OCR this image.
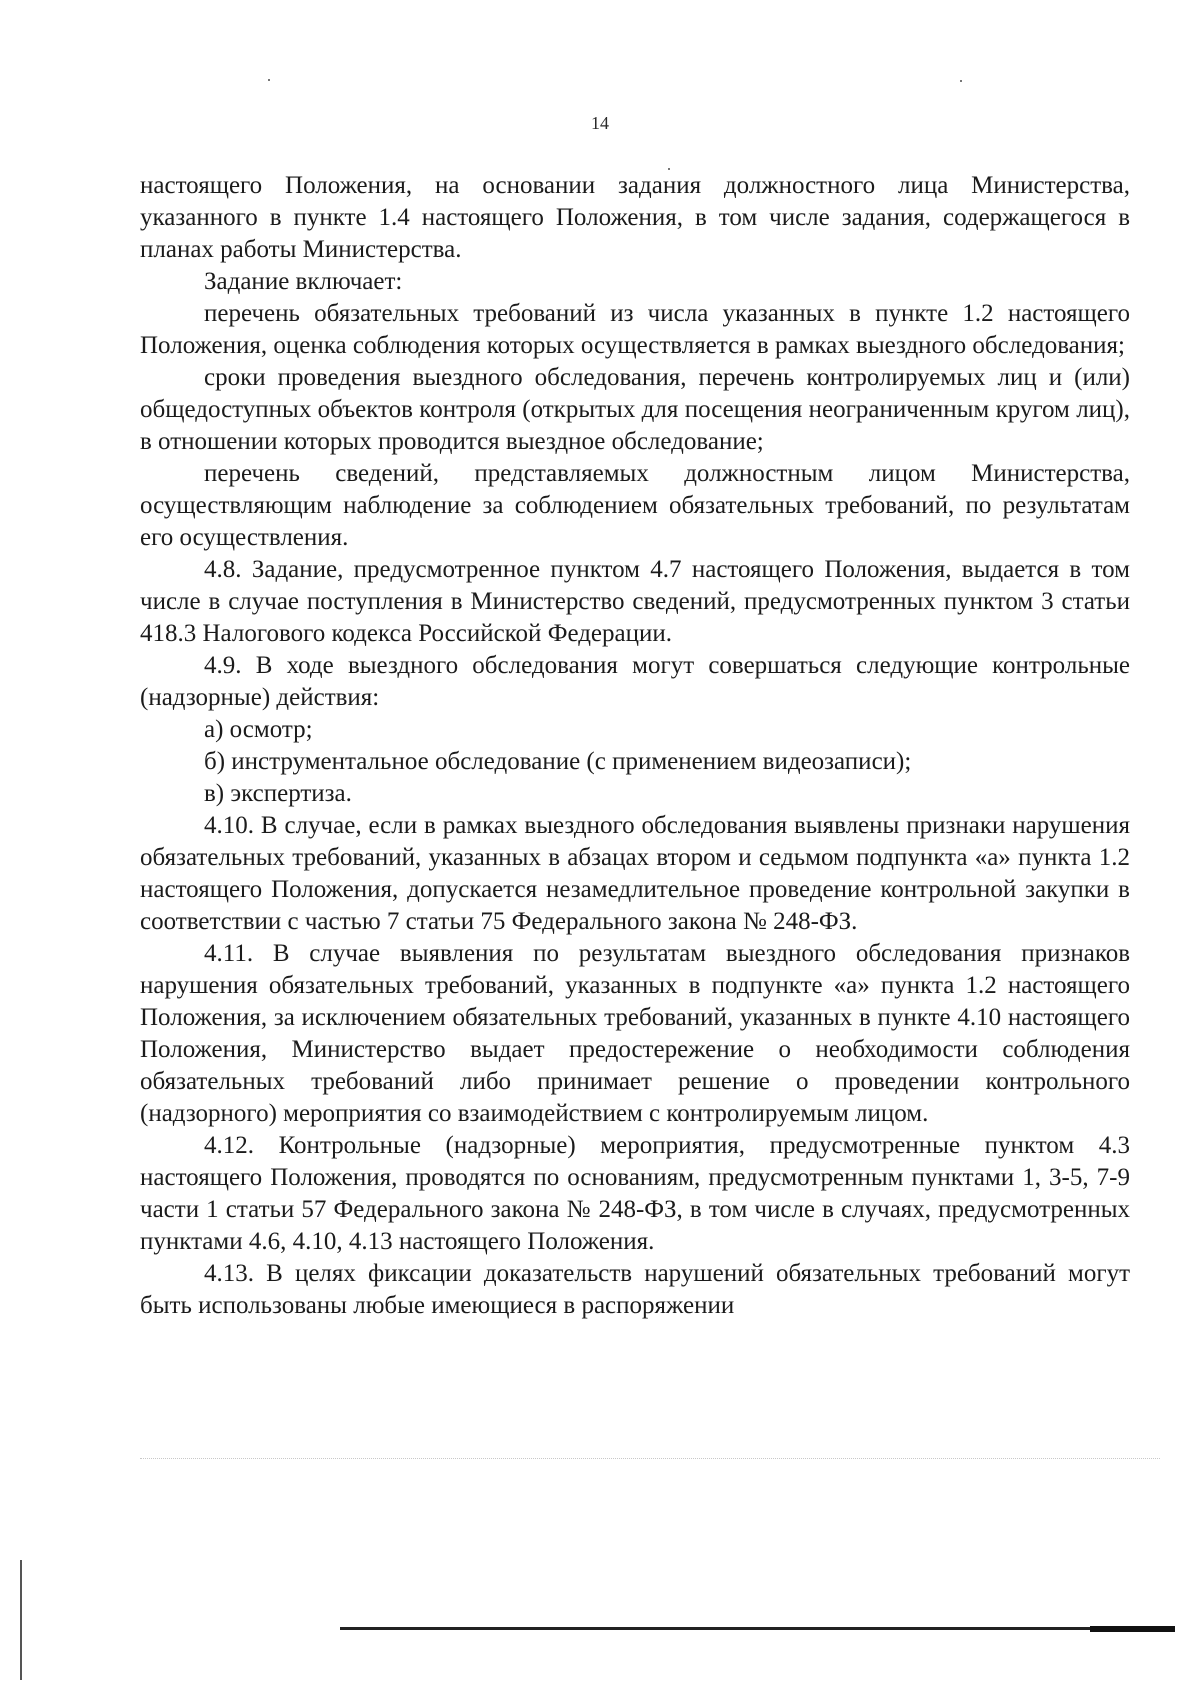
14

настоящего Положения, на основании задания должностного лица Министерства, указанного в пункте 1.4 настоящего Положения, в том числе задания, содержащегося в планах работы Министерства.

Задание включает:

перечень обязательных требований из числа указанных в пункте 1.2 настоящего Положения, оценка соблюдения которых осуществляется в рамках выездного обследования;

сроки проведения выездного обследования, перечень контролируемых лиц и (или) общедоступных объектов контроля (открытых для посещения неограниченным кругом лиц), в отношении которых проводится выездное обследование;

перечень сведений, представляемых должностным лицом Министерства, осуществляющим наблюдение за соблюдением обязательных требований, по результатам его осуществления.

4.8. Задание, предусмотренное пунктом 4.7 настоящего Положения, выдается в том числе в случае поступления в Министерство сведений, предусмотренных пунктом 3 статьи 418.3 Налогового кодекса Российской Федерации.

4.9. В ходе выездного обследования могут совершаться следующие контрольные (надзорные) действия:

а) осмотр;

б) инструментальное обследование (с применением видеозаписи);

в) экспертиза.

4.10. В случае, если в рамках выездного обследования выявлены признаки нарушения обязательных требований, указанных в абзацах втором и седьмом подпункта «а» пункта 1.2 настоящего Положения, допускается незамедлительное проведение контрольной закупки в соответствии с частью 7 статьи 75 Федерального закона № 248-ФЗ.

4.11. В случае выявления по результатам выездного обследования признаков нарушения обязательных требований, указанных в подпункте «а» пункта 1.2 настоящего Положения, за исключением обязательных требований, указанных в пункте 4.10 настоящего Положения, Министерство выдает предостережение о необходимости соблюдения обязательных требований либо принимает решение о проведении контрольного (надзорного) мероприятия со взаимодействием с контролируемым лицом.

4.12. Контрольные (надзорные) мероприятия, предусмотренные пунктом 4.3 настоящего Положения, проводятся по основаниям, предусмотренным пунктами 1, 3-5, 7-9 части 1 статьи 57 Федерального закона № 248-ФЗ, в том числе в случаях, предусмотренных пунктами 4.6, 4.10, 4.13 настоящего Положения.

4.13. В целях фиксации доказательств нарушений обязательных требований могут быть использованы любые имеющиеся в распоряжении
